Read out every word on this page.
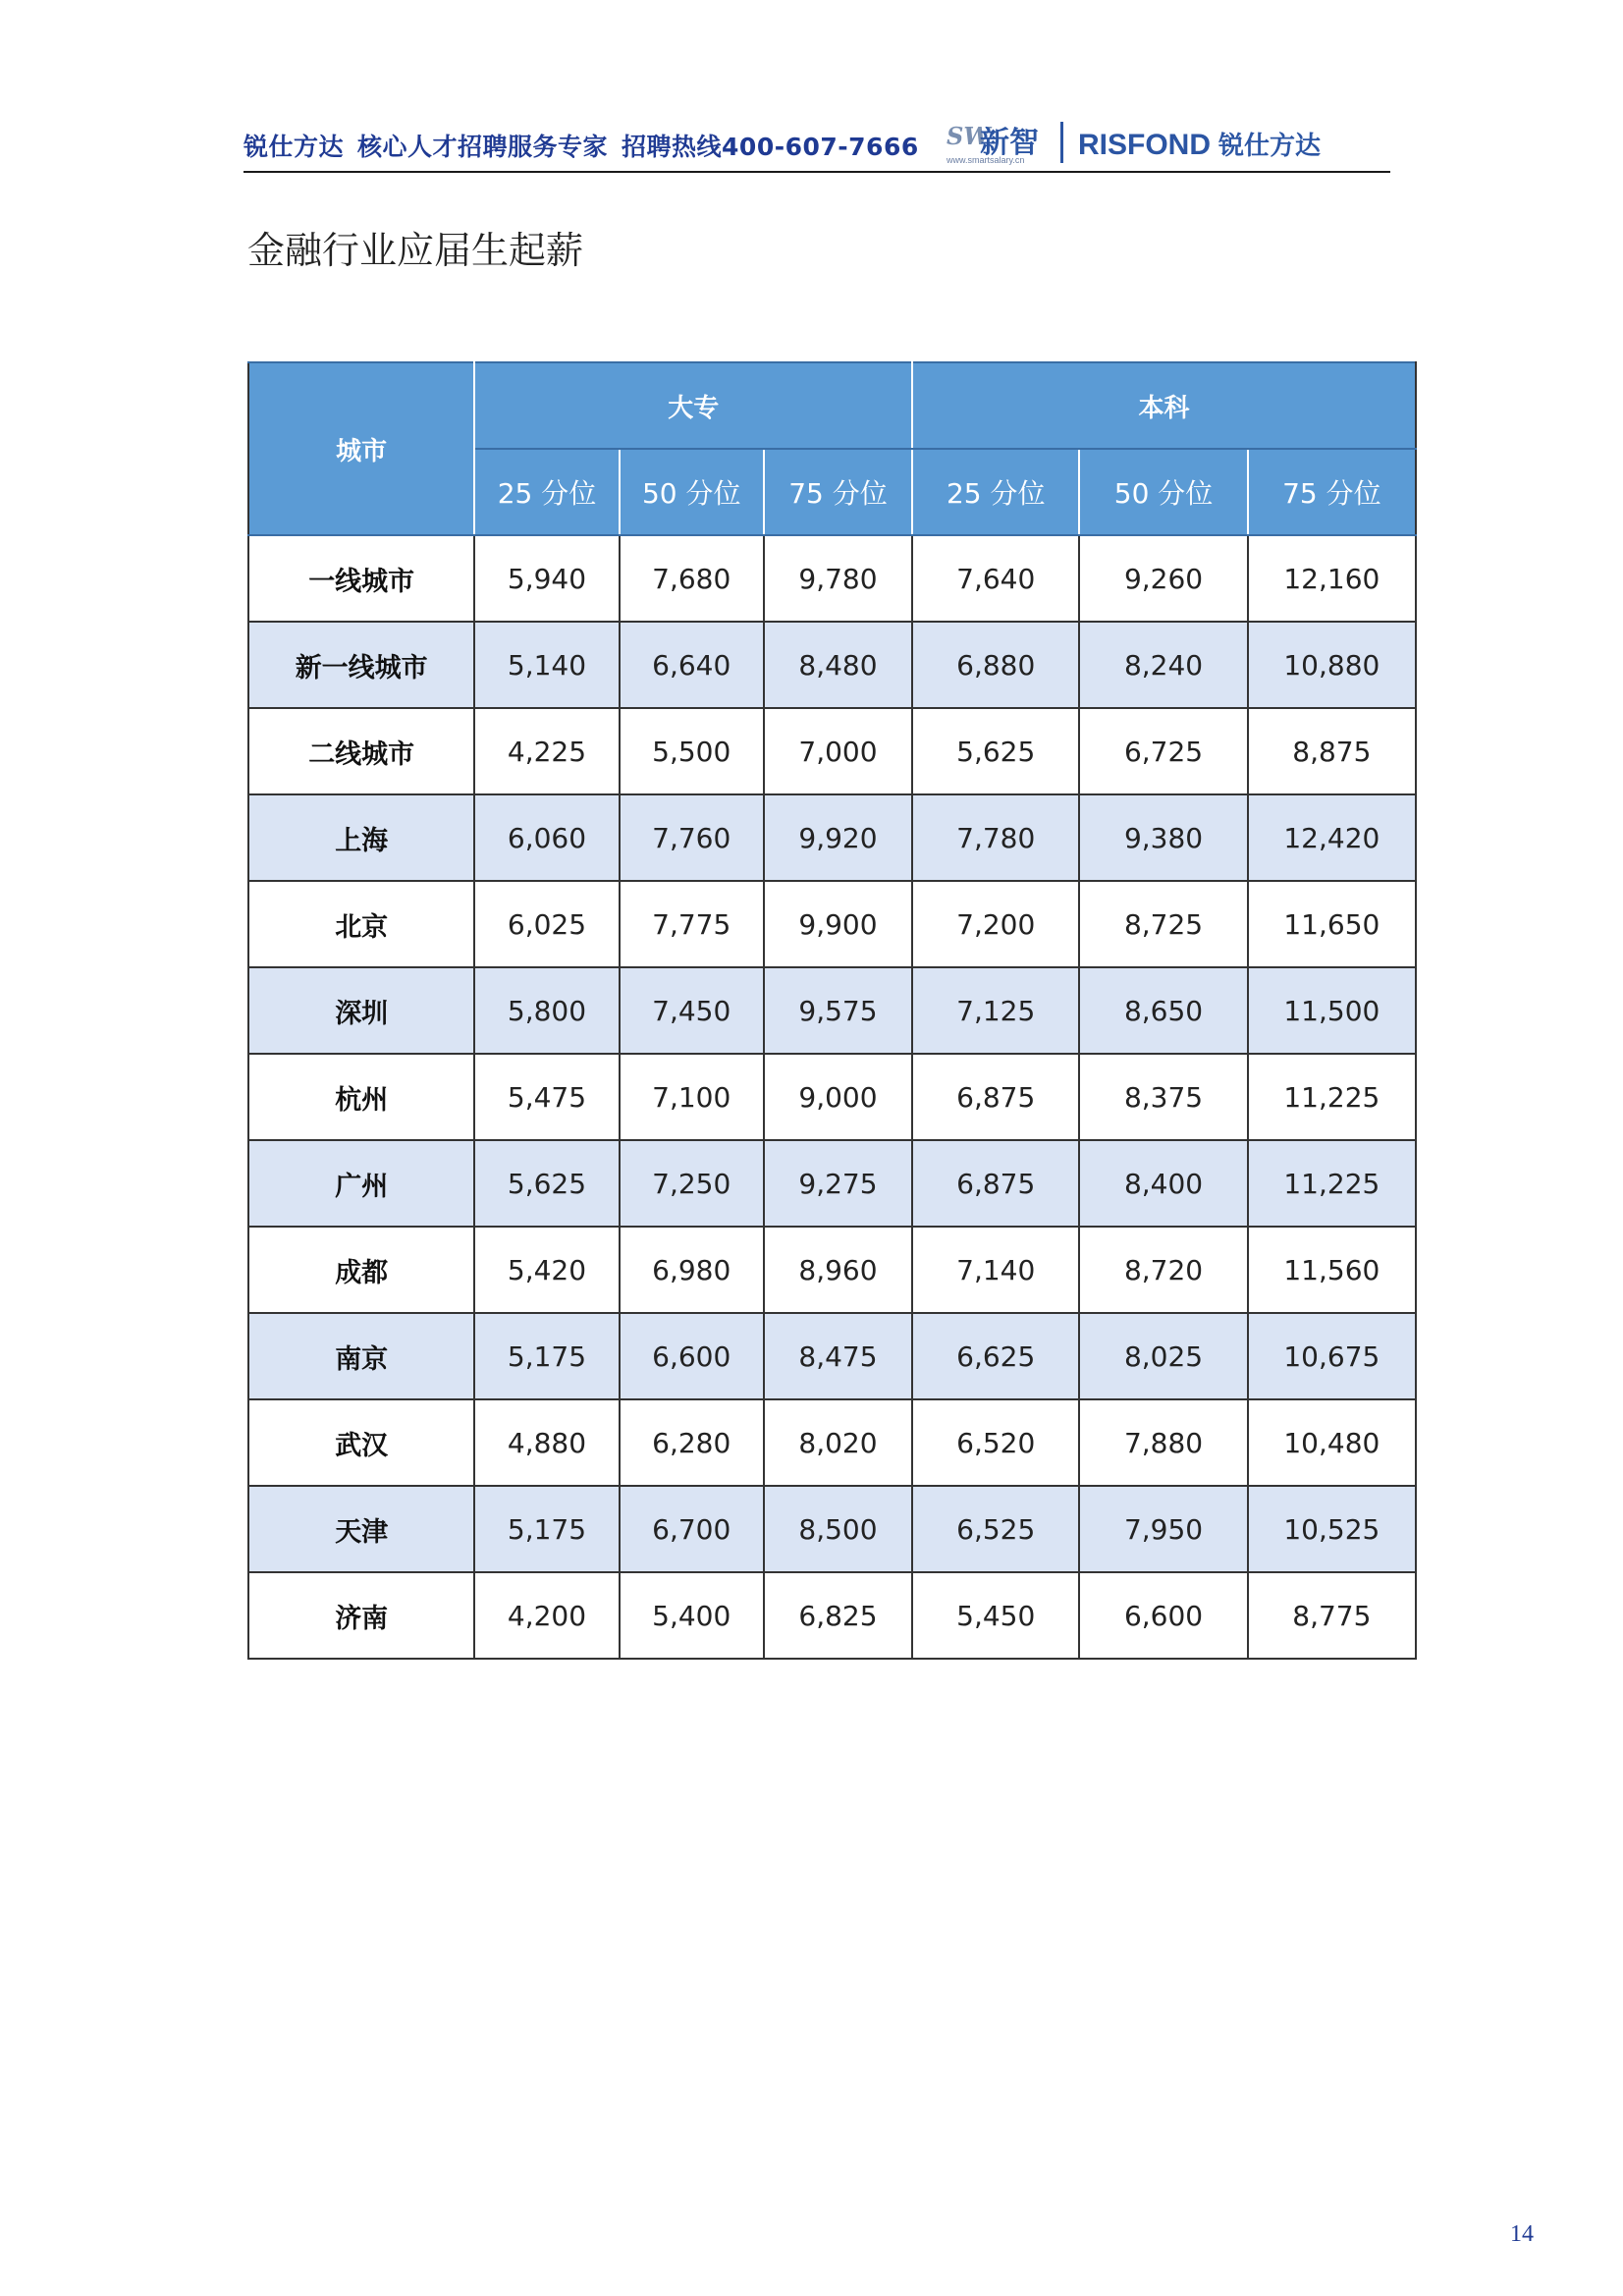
锐仕方达 核心人才招聘服务专家 招聘热线400-607-7666	SW
新智
www.smartsalary.cn RISFOND 锐仕方达
金融行业应届生起薪
城市	大专			本科		
	25 分位	50 分位	75 分位	25 分位	50 分位	75 分位
一线城市	5,940	7,680	9,780	7,640	9,260	12,160
新一线城市	5,140	6,640	8,480	6,880	8,240	10,880
二线城市	4,225	5,500	7,000	5,625	6,725	8,875
上海	6,060	7,760	9,920	7,780	9,380	12,420
北京	6,025	7,775	9,900	7,200	8,725	11,650
深圳	5,800	7,450	9,575	7,125	8,650	11,500
杭州	5,475	7,100	9,000	6,875	8,375	11,225
广州	5,625	7,250	9,275	6,875	8,400	11,225
成都	5,420	6,980	8,960	7,140	8,720	11,560
南京	5,175	6,600	8,475	6,625	8,025	10,675
武汉	4,880	6,280	8,020	6,520	7,880	10,480
天津	5,175	6,700	8,500	6,525	7,950	10,525
济南	4,200	5,400	6,825	5,450	6,600	8,775
14
